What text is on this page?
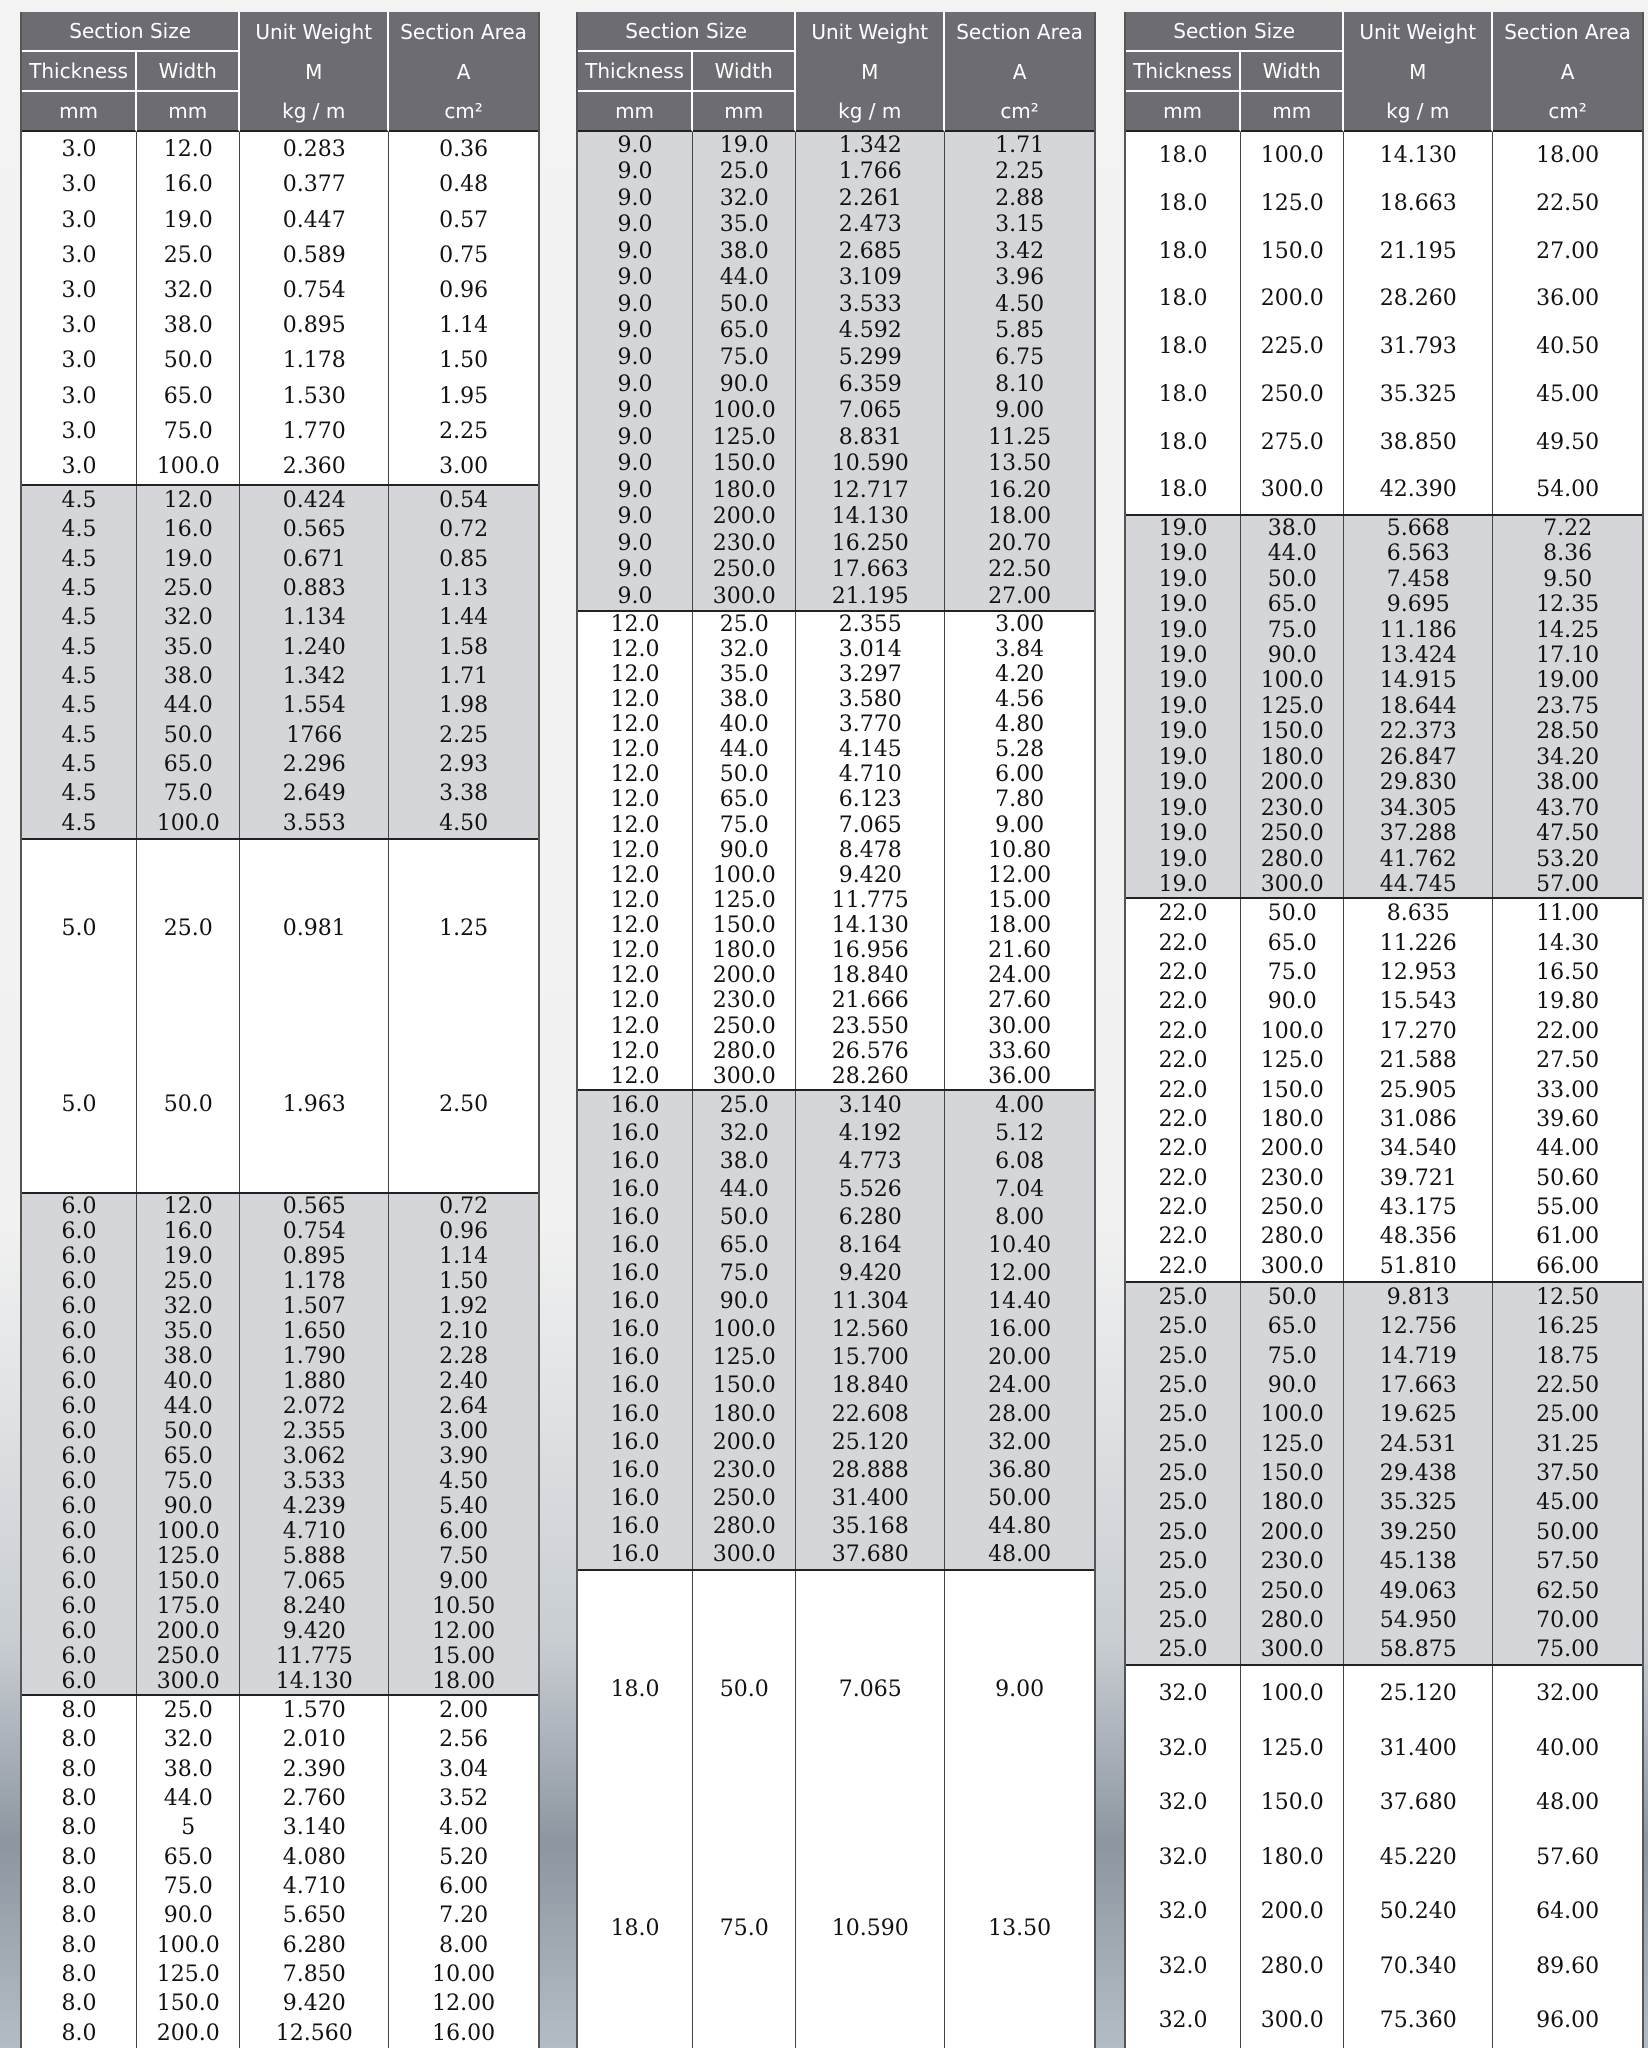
Section Size	Unit Weight	Section Area
Thickness	Width	M	A
mm	mm	kg / m	cm²
3.0	12.0	0.283	0.36
3.0	16.0	0.377	0.48
3.0	19.0	0.447	0.57
3.0	25.0	0.589	0.75
3.0	32.0	0.754	0.96
3.0	38.0	0.895	1.14
3.0	50.0	1.178	1.50
3.0	65.0	1.530	1.95
3.0	75.0	1.770	2.25
3.0	100.0	2.360	3.00
4.5	12.0	0.424	0.54
4.5	16.0	0.565	0.72
4.5	19.0	0.671	0.85
4.5	25.0	0.883	1.13
4.5	32.0	1.134	1.44
4.5	35.0	1.240	1.58
4.5	38.0	1.342	1.71
4.5	44.0	1.554	1.98
4.5	50.0	1766	2.25
4.5	65.0	2.296	2.93
4.5	75.0	2.649	3.38
4.5	100.0	3.553	4.50
5.0	25.0	0.981	1.25
5.0	50.0	1.963	2.50
6.0	12.0	0.565	0.72
6.0	16.0	0.754	0.96
6.0	19.0	0.895	1.14
6.0	25.0	1.178	1.50
6.0	32.0	1.507	1.92
6.0	35.0	1.650	2.10
6.0	38.0	1.790	2.28
6.0	40.0	1.880	2.40
6.0	44.0	2.072	2.64
6.0	50.0	2.355	3.00
6.0	65.0	3.062	3.90
6.0	75.0	3.533	4.50
6.0	90.0	4.239	5.40
6.0	100.0	4.710	6.00
6.0	125.0	5.888	7.50
6.0	150.0	7.065	9.00
6.0	175.0	8.240	10.50
6.0	200.0	9.420	12.00
6.0	250.0	11.775	15.00
6.0	300.0	14.130	18.00
8.0	25.0	1.570	2.00
8.0	32.0	2.010	2.56
8.0	38.0	2.390	3.04
8.0	44.0	2.760	3.52
8.0	5	3.140	4.00
8.0	65.0	4.080	5.20
8.0	75.0	4.710	6.00
8.0	90.0	5.650	7.20
8.0	100.0	6.280	8.00
8.0	125.0	7.850	10.00
8.0	150.0	9.420	12.00
8.0	200.0	12.560	16.00
Section Size	Unit Weight	Section Area
Thickness	Width	M	A
mm	mm	kg / m	cm²
9.0	19.0	1.342	1.71
9.0	25.0	1.766	2.25
9.0	32.0	2.261	2.88
9.0	35.0	2.473	3.15
9.0	38.0	2.685	3.42
9.0	44.0	3.109	3.96
9.0	50.0	3.533	4.50
9.0	65.0	4.592	5.85
9.0	75.0	5.299	6.75
9.0	90.0	6.359	8.10
9.0	100.0	7.065	9.00
9.0	125.0	8.831	11.25
9.0	150.0	10.590	13.50
9.0	180.0	12.717	16.20
9.0	200.0	14.130	18.00
9.0	230.0	16.250	20.70
9.0	250.0	17.663	22.50
9.0	300.0	21.195	27.00
12.0	25.0	2.355	3.00
12.0	32.0	3.014	3.84
12.0	35.0	3.297	4.20
12.0	38.0	3.580	4.56
12.0	40.0	3.770	4.80
12.0	44.0	4.145	5.28
12.0	50.0	4.710	6.00
12.0	65.0	6.123	7.80
12.0	75.0	7.065	9.00
12.0	90.0	8.478	10.80
12.0	100.0	9.420	12.00
12.0	125.0	11.775	15.00
12.0	150.0	14.130	18.00
12.0	180.0	16.956	21.60
12.0	200.0	18.840	24.00
12.0	230.0	21.666	27.60
12.0	250.0	23.550	30.00
12.0	280.0	26.576	33.60
12.0	300.0	28.260	36.00
16.0	25.0	3.140	4.00
16.0	32.0	4.192	5.12
16.0	38.0	4.773	6.08
16.0	44.0	5.526	7.04
16.0	50.0	6.280	8.00
16.0	65.0	8.164	10.40
16.0	75.0	9.420	12.00
16.0	90.0	11.304	14.40
16.0	100.0	12.560	16.00
16.0	125.0	15.700	20.00
16.0	150.0	18.840	24.00
16.0	180.0	22.608	28.00
16.0	200.0	25.120	32.00
16.0	230.0	28.888	36.80
16.0	250.0	31.400	50.00
16.0	280.0	35.168	44.80
16.0	300.0	37.680	48.00
18.0	50.0	7.065	9.00
18.0	75.0	10.590	13.50
Section Size	Unit Weight	Section Area
Thickness	Width	M	A
mm	mm	kg / m	cm²
18.0	100.0	14.130	18.00
18.0	125.0	18.663	22.50
18.0	150.0	21.195	27.00
18.0	200.0	28.260	36.00
18.0	225.0	31.793	40.50
18.0	250.0	35.325	45.00
18.0	275.0	38.850	49.50
18.0	300.0	42.390	54.00
19.0	38.0	5.668	7.22
19.0	44.0	6.563	8.36
19.0	50.0	7.458	9.50
19.0	65.0	9.695	12.35
19.0	75.0	11.186	14.25
19.0	90.0	13.424	17.10
19.0	100.0	14.915	19.00
19.0	125.0	18.644	23.75
19.0	150.0	22.373	28.50
19.0	180.0	26.847	34.20
19.0	200.0	29.830	38.00
19.0	230.0	34.305	43.70
19.0	250.0	37.288	47.50
19.0	280.0	41.762	53.20
19.0	300.0	44.745	57.00
22.0	50.0	8.635	11.00
22.0	65.0	11.226	14.30
22.0	75.0	12.953	16.50
22.0	90.0	15.543	19.80
22.0	100.0	17.270	22.00
22.0	125.0	21.588	27.50
22.0	150.0	25.905	33.00
22.0	180.0	31.086	39.60
22.0	200.0	34.540	44.00
22.0	230.0	39.721	50.60
22.0	250.0	43.175	55.00
22.0	280.0	48.356	61.00
22.0	300.0	51.810	66.00
25.0	50.0	9.813	12.50
25.0	65.0	12.756	16.25
25.0	75.0	14.719	18.75
25.0	90.0	17.663	22.50
25.0	100.0	19.625	25.00
25.0	125.0	24.531	31.25
25.0	150.0	29.438	37.50
25.0	180.0	35.325	45.00
25.0	200.0	39.250	50.00
25.0	230.0	45.138	57.50
25.0	250.0	49.063	62.50
25.0	280.0	54.950	70.00
25.0	300.0	58.875	75.00
32.0	100.0	25.120	32.00
32.0	125.0	31.400	40.00
32.0	150.0	37.680	48.00
32.0	180.0	45.220	57.60
32.0	200.0	50.240	64.00
32.0	280.0	70.340	89.60
32.0	300.0	75.360	96.00
